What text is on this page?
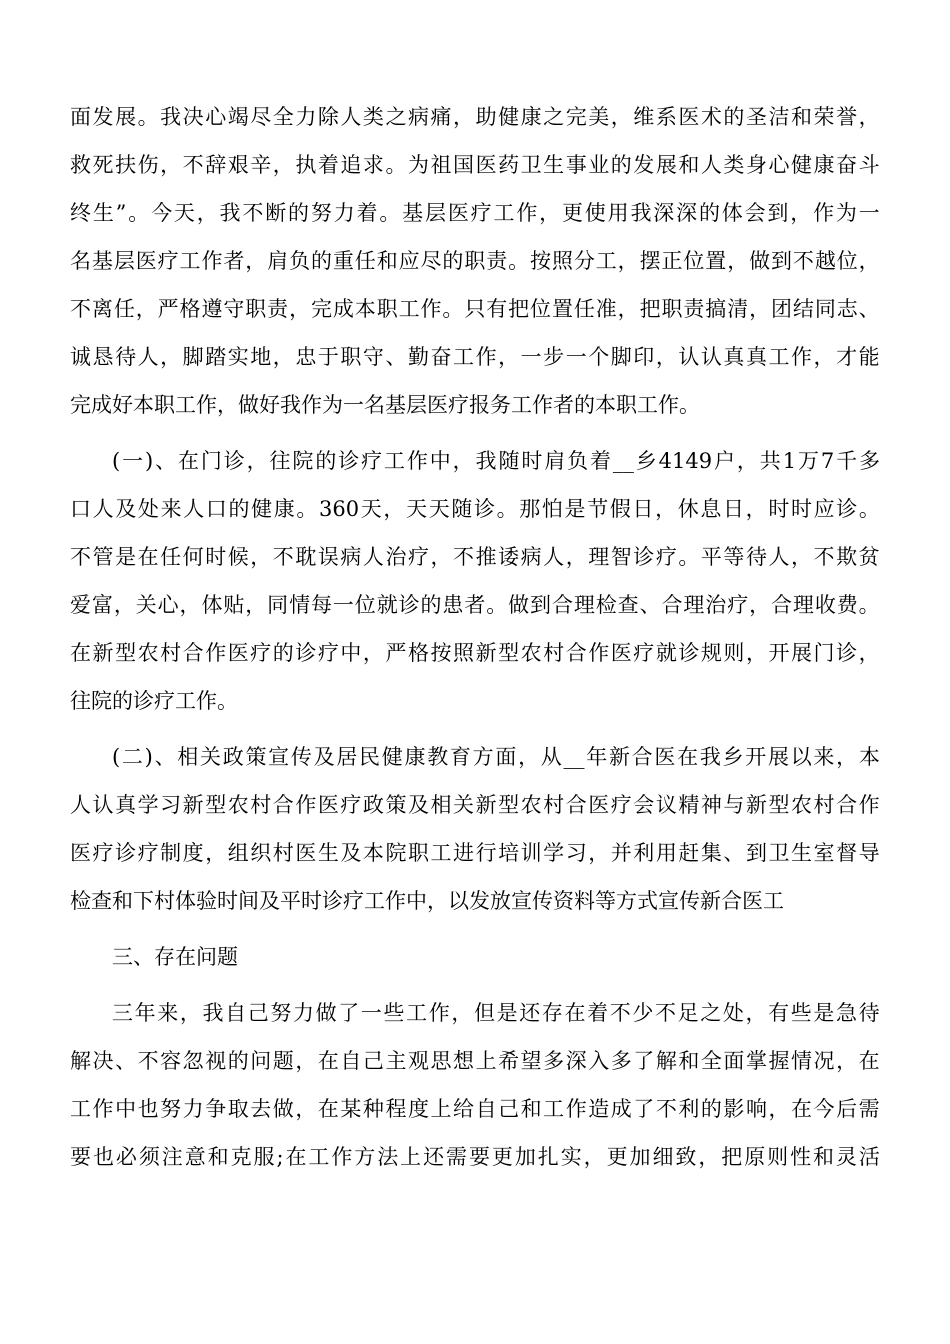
面 发 展 。 我 决 心 竭 尽 全 力 除 人 类 之 病 痛 ， 助 健 康 之 完 美 ， 维 系 医 术 的 圣 洁 和 荣 誉 ，
救 死 扶 伤 ， 不 辞 艰 辛 ， 执 着 追 求 。 为 祖 国 医 药 卫 生 事 业 的 发 展 和 人 类 身 心 健 康 奋 斗
终 生 ” 。 今 天 ， 我 不 断 的 努 力 着 。 基 层 医 疗 工 作 ， 更 使 用 我 深 深 的 体 会 到 ， 作 为 一
名 基 层 医 疗 工 作 者 ， 肩 负 的 重 任 和 应 尽 的 职 责 。 按 照 分 工 ， 摆 正 位 置 ， 做 到 不 越 位 ，
不 离 任 ， 严 格 遵 守 职 责 ， 完 成 本 职 工 作 。 只 有 把 位 置 任 准 ， 把 职 责 搞 清 ， 团 结 同 志 、
诚 恳 待 人 ， 脚 踏 实 地 ， 忠 于 职 守 、 勤 奋 工 作 ， 一 步 一 个 脚 印 ， 认 认 真 真 工 作 ， 才 能
完成好本职工作，做好我作为一名基层医疗报务工作者的本职工作。
( 一 ) 、 在 门 诊 ， 往 院 的 诊 疗 工 作 中 ， 我 随 时 肩 负 着 __ 乡 4149 户 ， 共 1 万 7 千 多
口 人 及 处 来 人 口 的 健 康 。 360 天 ， 天 天 随 诊 。 那 怕 是 节 假 日 ， 休 息 日 ， 时 时 应 诊 。
不 管 是 在 任 何 时 候 ， 不 耽 误 病 人 治 疗 ， 不 推 诿 病 人 ， 理 智 诊 疗 。 平 等 待 人 ， 不 欺 贫
爱 富 ， 关 心 ， 体 贴 ， 同 情 每 一 位 就 诊 的 患 者 。 做 到 合 理 检 查 、 合 理 治 疗 ， 合 理 收 费 。
在 新 型 农 村 合 作 医 疗 的 诊 疗 中 ， 严 格 按 照 新 型 农 村 合 作 医 疗 就 诊 规 则 ， 开 展 门 诊 ，
往院的诊疗工作。
( 二 ) 、 相 关 政 策 宣 传 及 居 民 健 康 教 育 方 面 ， 从 __ 年 新 合 医 在 我 乡 开 展 以 来 ， 本
人 认 真 学 习 新 型 农 村 合 作 医 疗 政 策 及 相 关 新 型 农 村 合 医 疗 会 议 精 神 与 新 型 农 村 合 作
医 疗 诊 疗 制 度 ， 组 织 村 医 生 及 本 院 职 工 进 行 培 训 学 习 ， 并 利 用 赶 集 、 到 卫 生 室 督 导
检查和下村体验时间及平时诊疗工作中，以发放宣传资料等方式宣传新合医工
三、存在问题
三 年 来 ， 我 自 己 努 力 做 了 一 些 工 作 ， 但 是 还 存 在 着 不 少 不 足 之 处 ， 有 些 是 急 待
解 决 、 不 容 忽 视 的 问 题 ， 在 自 己 主 观 思 想 上 希 望 多 深 入 多 了 解 和 全 面 掌 握 情 况 ， 在
工 作 中 也 努 力 争 取 去 做 ， 在 某 种 程 度 上 给 自 己 和 工 作 造 成 了 不 利 的 影 响 ， 在 今 后 需
要 也 必 须 注 意 和 克 服 ; 在 工 作 方 法 上 还 需 要 更 加 扎 实 ， 更 加 细 致 ， 把 原 则 性 和 灵 活
